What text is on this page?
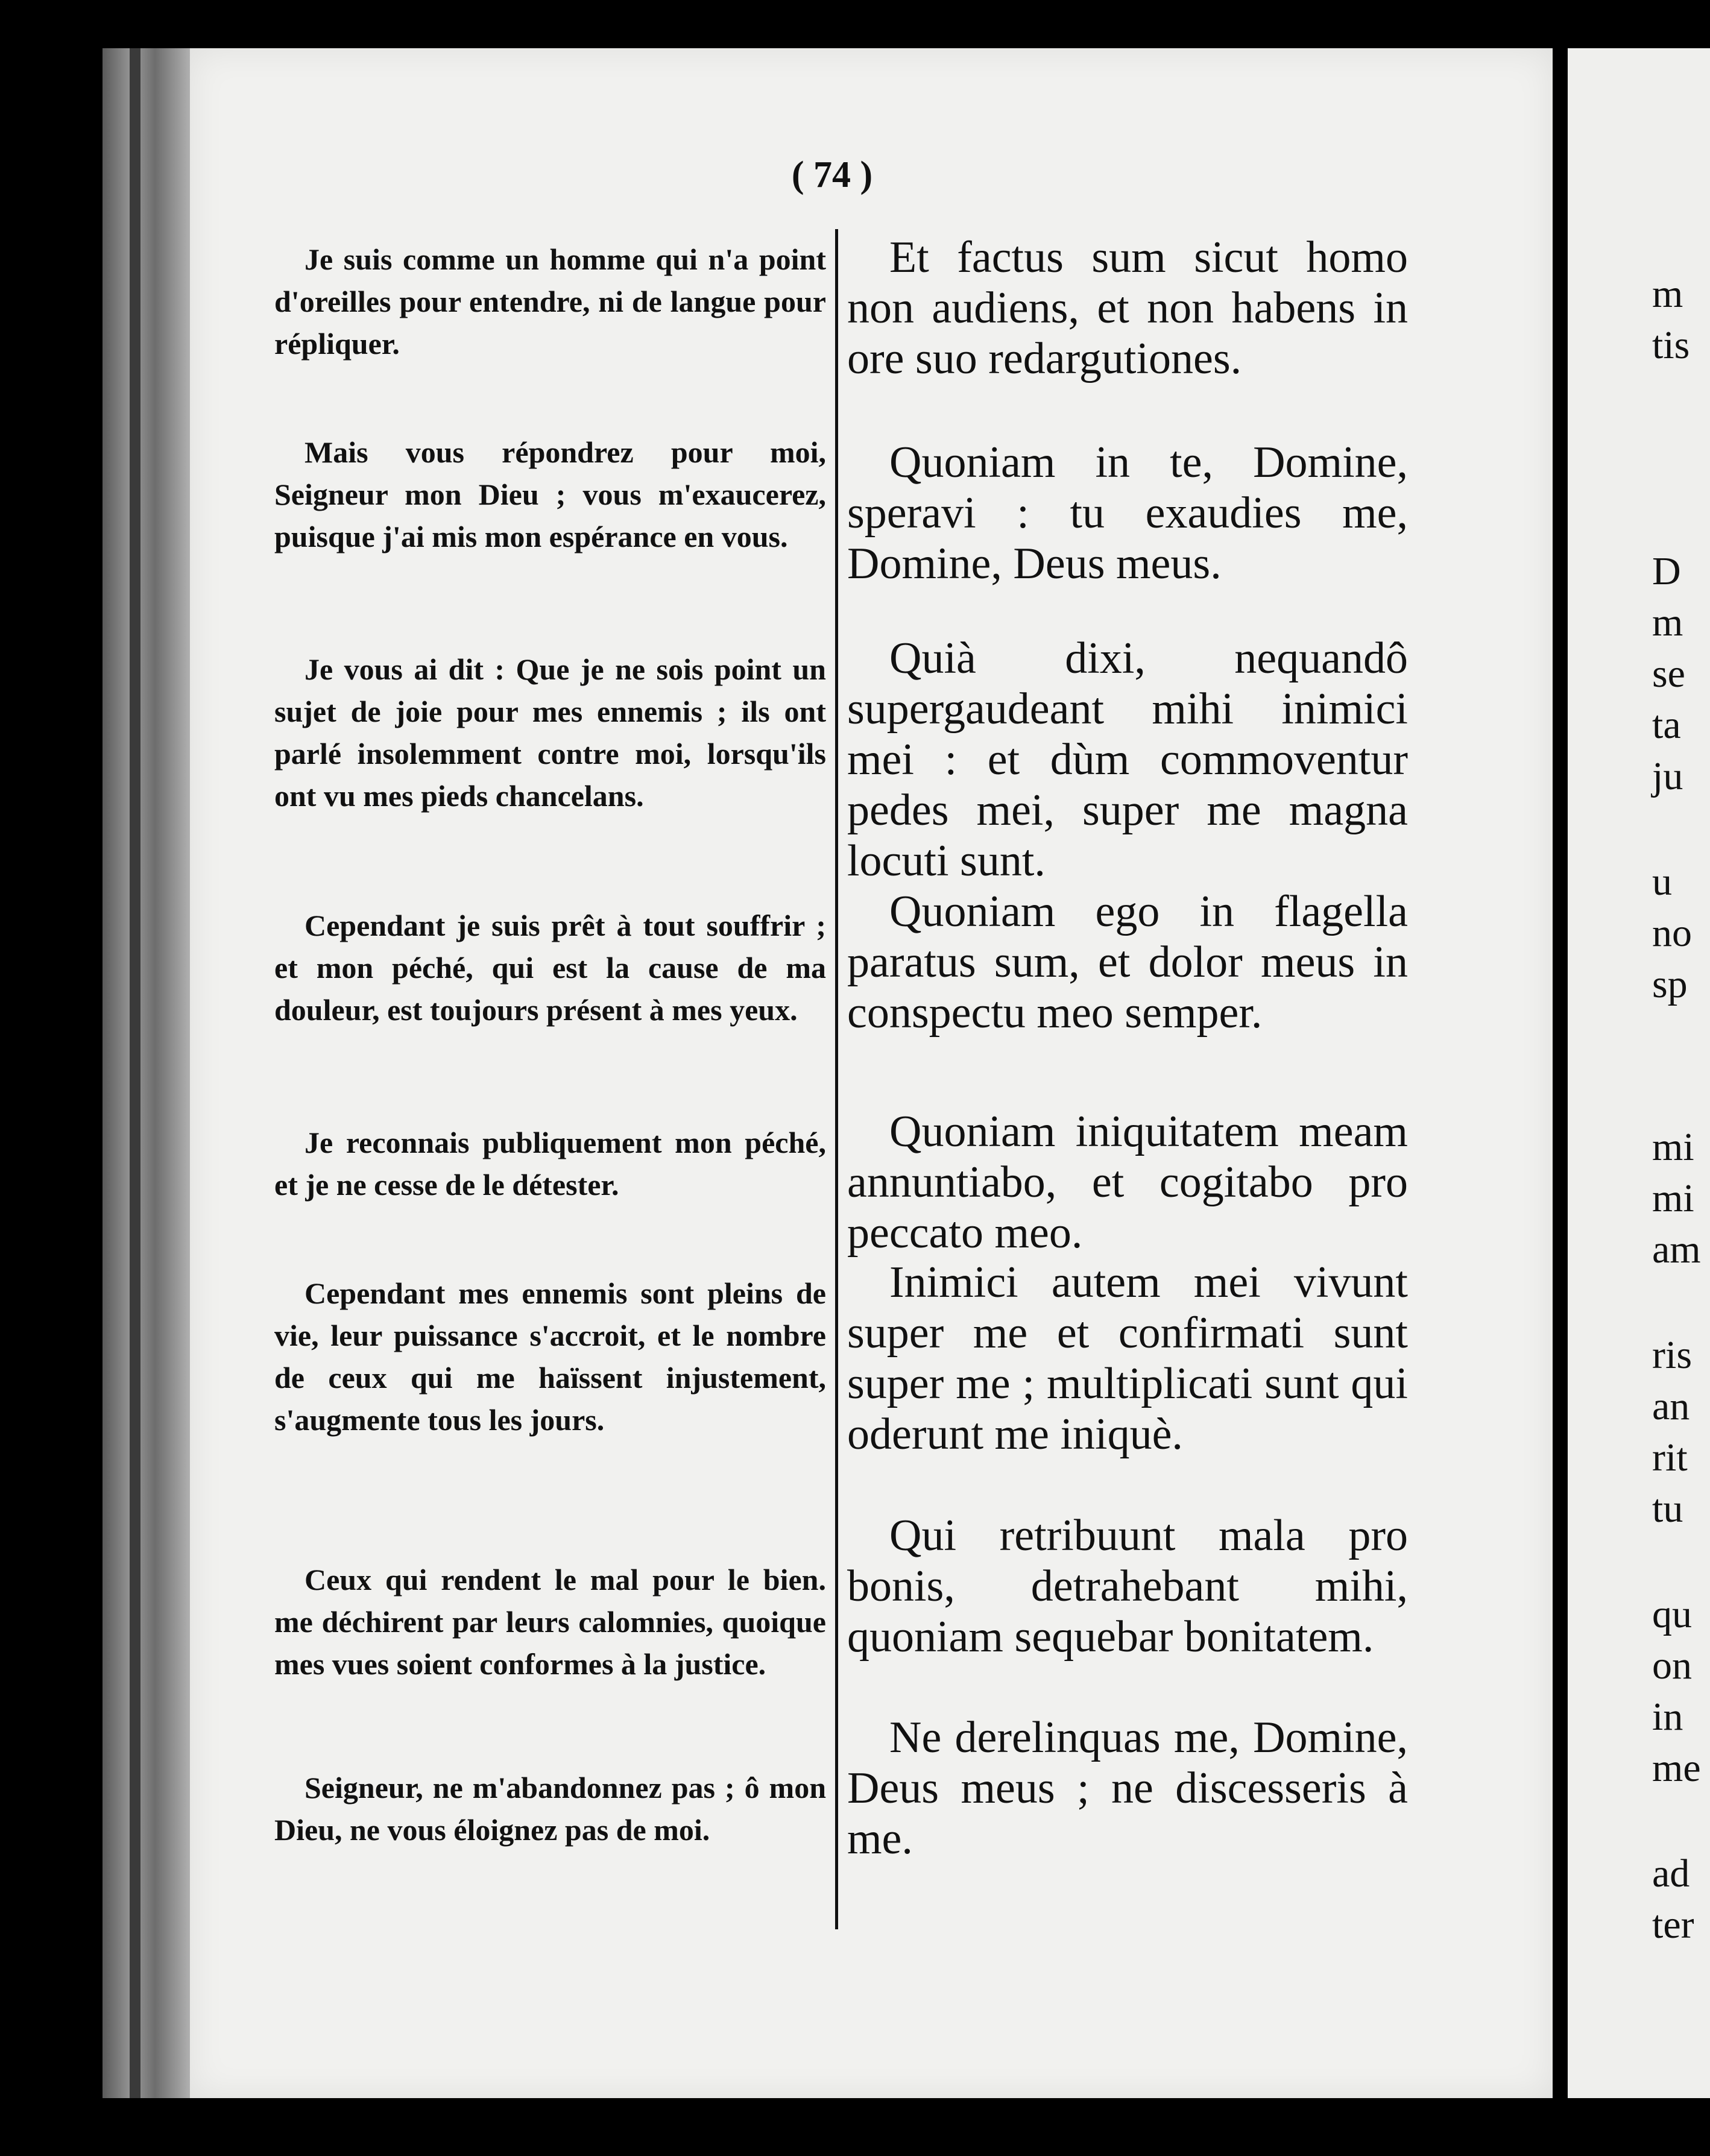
( 74 )

Je suis comme un homme qui n'a point d'oreilles pour entendre, ni de langue pour répliquer.

Mais vous répondrez pour moi, Seigneur mon Dieu ; vous m'exaucerez, puisque j'ai mis mon espérance en vous.

Je vous ai dit : Que je ne sois point un sujet de joie pour mes ennemis ; ils ont parlé insolemment contre moi, lorsqu'ils ont vu mes pieds chancelans.

Cependant je suis prêt à tout souffrir ; et mon péché, qui est la cause de ma douleur, est toujours présent à mes yeux.

Je reconnais publiquement mon péché, et je ne cesse de le détester.

Cependant mes ennemis sont pleins de vie, leur puissance s'accroit, et le nombre de ceux qui me haïssent injustement, s'augmente tous les jours.

Ceux qui rendent le mal pour le bien. me déchirent par leurs calomnies, quoique mes vues soient conformes à la justice.

Seigneur, ne m'abandonnez pas ; ô mon Dieu, ne vous éloignez pas de moi.

Et factus sum sicut homo non audiens, et non habens in ore suo redargutiones.

Quoniam in te, Domine, speravi : tu exaudies me, Domine, Deus meus.

Quià dixi, nequandô supergaudeant mihi inimici mei : et dùm commoventur pedes mei, super me magna locuti sunt.

Quoniam ego in flagella paratus sum, et dolor meus in conspectu meo semper.

Quoniam iniquitatem meam annuntiabo, et cogitabo pro peccato meo.

Inimici autem mei vivunt super me et confirmati sunt super me ; multiplicati sunt qui oderunt me iniquè.

Qui retribuunt mala pro bonis, detrahebant mihi, quoniam sequebar bonitatem.

Ne derelinquas me, Domine, Deus meus ; ne discesseris à me.

m
tis
D
m
se
ta
ju
u
no
sp
mi
mi
am
ris
an
rit
tu
qu
on
in
me
ad
ter
